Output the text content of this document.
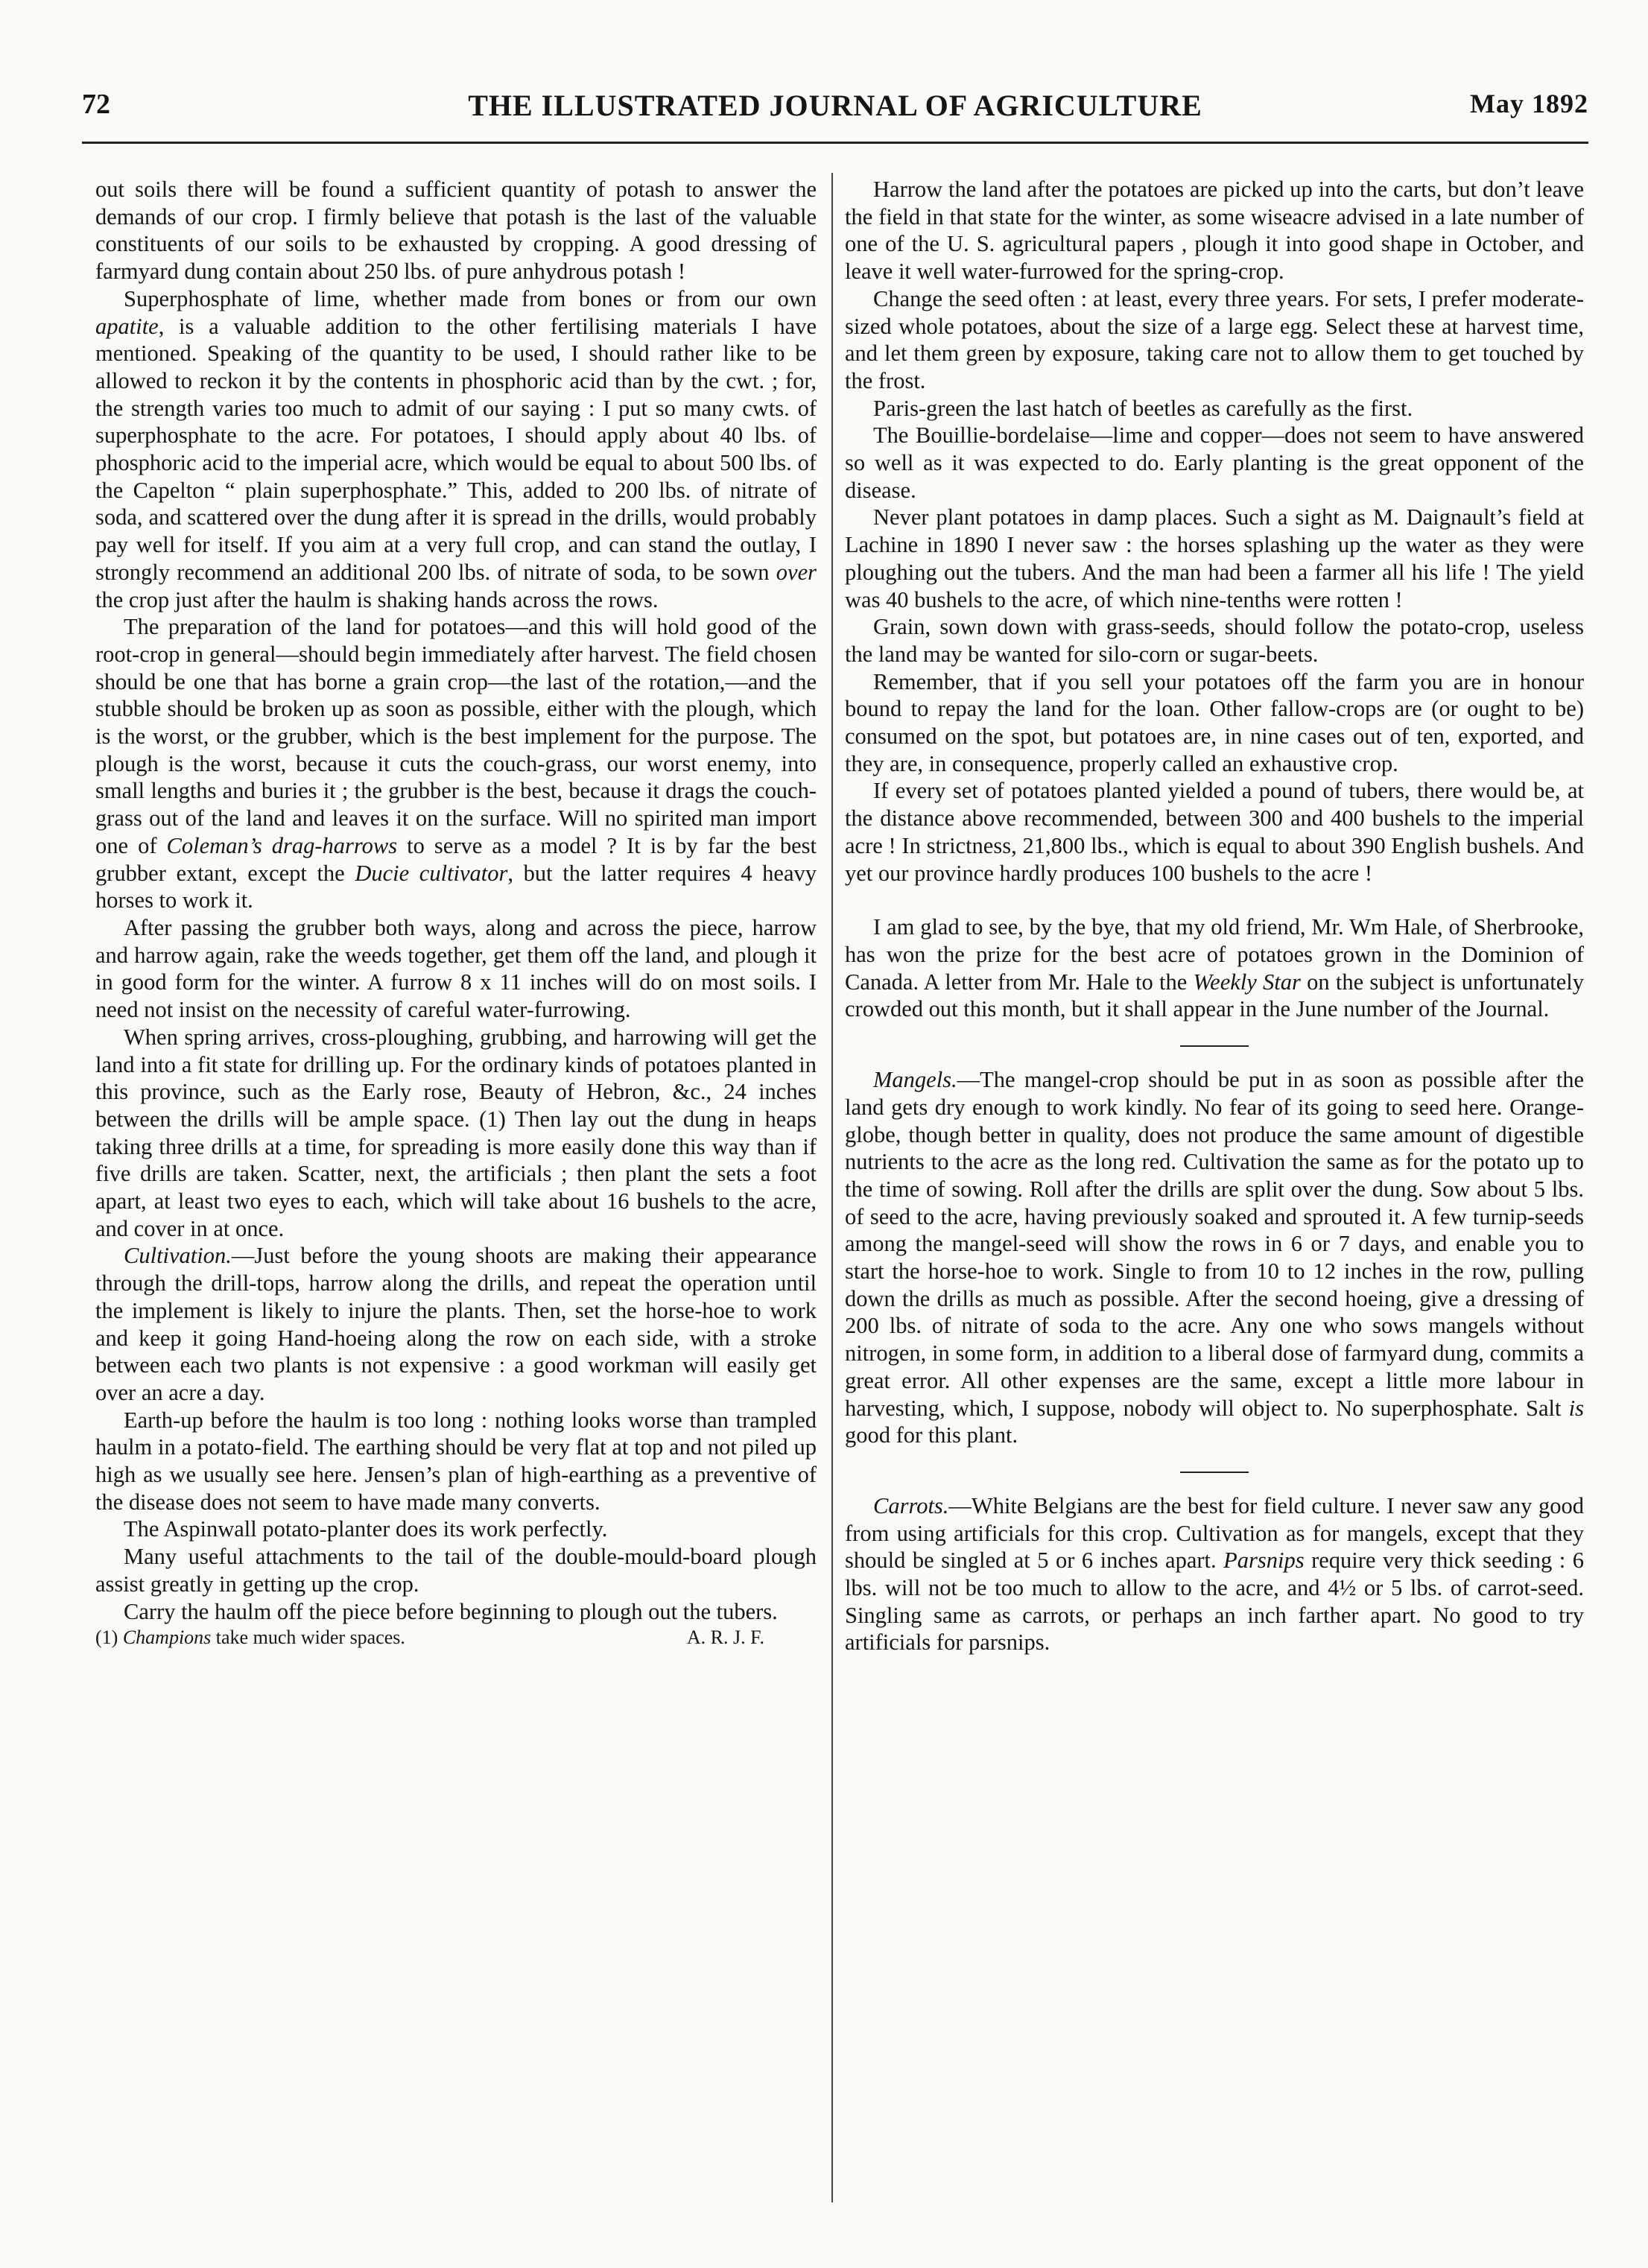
72	THE ILLUSTRATED JOURNAL OF AGRICULTURE	May 1892

out soils there will be found a sufficient quantity of potash to answer the demands of our crop. I firmly believe that potash is the last of the valuable constituents of our soils to be exhausted by cropping. A good dressing of farmyard dung contain about 250 lbs. of pure anhydrous potash !

Superphosphate of lime, whether made from bones or from our own apatite, is a valuable addition to the other fertilising materials I have mentioned. Speaking of the quantity to be used, I should rather like to be allowed to reckon it by the contents in phosphoric acid than by the cwt. ; for, the strength varies too much to admit of our saying : I put so many cwts. of superphosphate to the acre. For potatoes, I should apply about 40 lbs. of phosphoric acid to the imperial acre, which would be equal to about 500 lbs. of the Capelton “ plain superphosphate.” This, added to 200 lbs. of nitrate of soda, and scattered over the dung after it is spread in the drills, would probably pay well for itself. If you aim at a very full crop, and can stand the outlay, I strongly recommend an additional 200 lbs. of nitrate of soda, to be sown over the crop just after the haulm is shaking hands across the rows.

The preparation of the land for potatoes—and this will hold good of the root-crop in general—should begin immediately after harvest. The field chosen should be one that has borne a grain crop—the last of the rotation,—and the stubble should be broken up as soon as possible, either with the plough, which is the worst, or the grubber, which is the best implement for the purpose. The plough is the worst, because it cuts the couch-grass, our worst enemy, into small lengths and buries it ; the grubber is the best, because it drags the couch-grass out of the land and leaves it on the surface. Will no spirited man import one of Coleman’s drag-harrows to serve as a model ? It is by far the best grubber extant, except the Ducie cultivator, but the latter requires 4 heavy horses to work it.

After passing the grubber both ways, along and across the piece, harrow and harrow again, rake the weeds together, get them off the land, and plough it in good form for the winter. A furrow 8 x 11 inches will do on most soils. I need not insist on the necessity of careful water-furrowing.

When spring arrives, cross-ploughing, grubbing, and harrowing will get the land into a fit state for drilling up. For the ordinary kinds of potatoes planted in this province, such as the Early rose, Beauty of Hebron, &c., 24 inches between the drills will be ample space. (1) Then lay out the dung in heaps taking three drills at a time, for spreading is more easily done this way than if five drills are taken. Scatter, next, the artificials ; then plant the sets a foot apart, at least two eyes to each, which will take about 16 bushels to the acre, and cover in at once.

Cultivation.—Just before the young shoots are making their appearance through the drill-tops, harrow along the drills, and repeat the operation until the implement is likely to injure the plants. Then, set the horse-hoe to work and keep it going Hand-hoeing along the row on each side, with a stroke between each two plants is not expensive : a good workman will easily get over an acre a day.

Earth-up before the haulm is too long : nothing looks worse than trampled haulm in a potato-field. The earthing should be very flat at top and not piled up high as we usually see here. Jensen’s plan of high-earthing as a preventive of the disease does not seem to have made many converts.

The Aspinwall potato-planter does its work perfectly.

Many useful attachments to the tail of the double-mould-board plough assist greatly in getting up the crop.

Carry the haulm off the piece before beginning to plough out the tubers.

(1) Champions take much wider spaces.	A. R. J. F.

Harrow the land after the potatoes are picked up into the carts, but don’t leave the field in that state for the winter, as some wiseacre advised in a late number of one of the U. S. agricultural papers , plough it into good shape in October, and leave it well water-furrowed for the spring-crop.

Change the seed often : at least, every three years. For sets, I prefer moderate-sized whole potatoes, about the size of a large egg. Select these at harvest time, and let them green by exposure, taking care not to allow them to get touched by the frost.

Paris-green the last hatch of beetles as carefully as the first.

The Bouillie-bordelaise—lime and copper—does not seem to have answered so well as it was expected to do. Early planting is the great opponent of the disease.

Never plant potatoes in damp places. Such a sight as M. Daignault’s field at Lachine in 1890 I never saw : the horses splashing up the water as they were ploughing out the tubers. And the man had been a farmer all his life ! The yield was 40 bushels to the acre, of which nine-tenths were rotten !

Grain, sown down with grass-seeds, should follow the potato-crop, useless the land may be wanted for silo-corn or sugar-beets.

Remember, that if you sell your potatoes off the farm you are in honour bound to repay the land for the loan. Other fallow-crops are (or ought to be) consumed on the spot, but potatoes are, in nine cases out of ten, exported, and they are, in consequence, properly called an exhaustive crop.

If every set of potatoes planted yielded a pound of tubers, there would be, at the distance above recommended, between 300 and 400 bushels to the imperial acre ! In strictness, 21,800 lbs., which is equal to about 390 English bushels. And yet our province hardly produces 100 bushels to the acre !

I am glad to see, by the bye, that my old friend, Mr. Wm Hale, of Sherbrooke, has won the prize for the best acre of potatoes grown in the Dominion of Canada. A letter from Mr. Hale to the Weekly Star on the subject is unfortunately crowded out this month, but it shall appear in the June number of the Journal.

Mangels.—The mangel-crop should be put in as soon as possible after the land gets dry enough to work kindly. No fear of its going to seed here. Orange-globe, though better in quality, does not produce the same amount of digestible nutrients to the acre as the long red. Cultivation the same as for the potato up to the time of sowing. Roll after the drills are split over the dung. Sow about 5 lbs. of seed to the acre, having previously soaked and sprouted it. A few turnip-seeds among the mangel-seed will show the rows in 6 or 7 days, and enable you to start the horse-hoe to work. Single to from 10 to 12 inches in the row, pulling down the drills as much as possible. After the second hoeing, give a dressing of 200 lbs. of nitrate of soda to the acre. Any one who sows mangels without nitrogen, in some form, in addition to a liberal dose of farmyard dung, commits a great error. All other expenses are the same, except a little more labour in harvesting, which, I suppose, nobody will object to. No superphosphate. Salt is good for this plant.

Carrots.—White Belgians are the best for field culture. I never saw any good from using artificials for this crop. Cultivation as for mangels, except that they should be singled at 5 or 6 inches apart. Parsnips require very thick seeding : 6 lbs. will not be too much to allow to the acre, and 4½ or 5 lbs. of carrot-seed. Singling same as carrots, or perhaps an inch farther apart. No good to try artificials for parsnips.
